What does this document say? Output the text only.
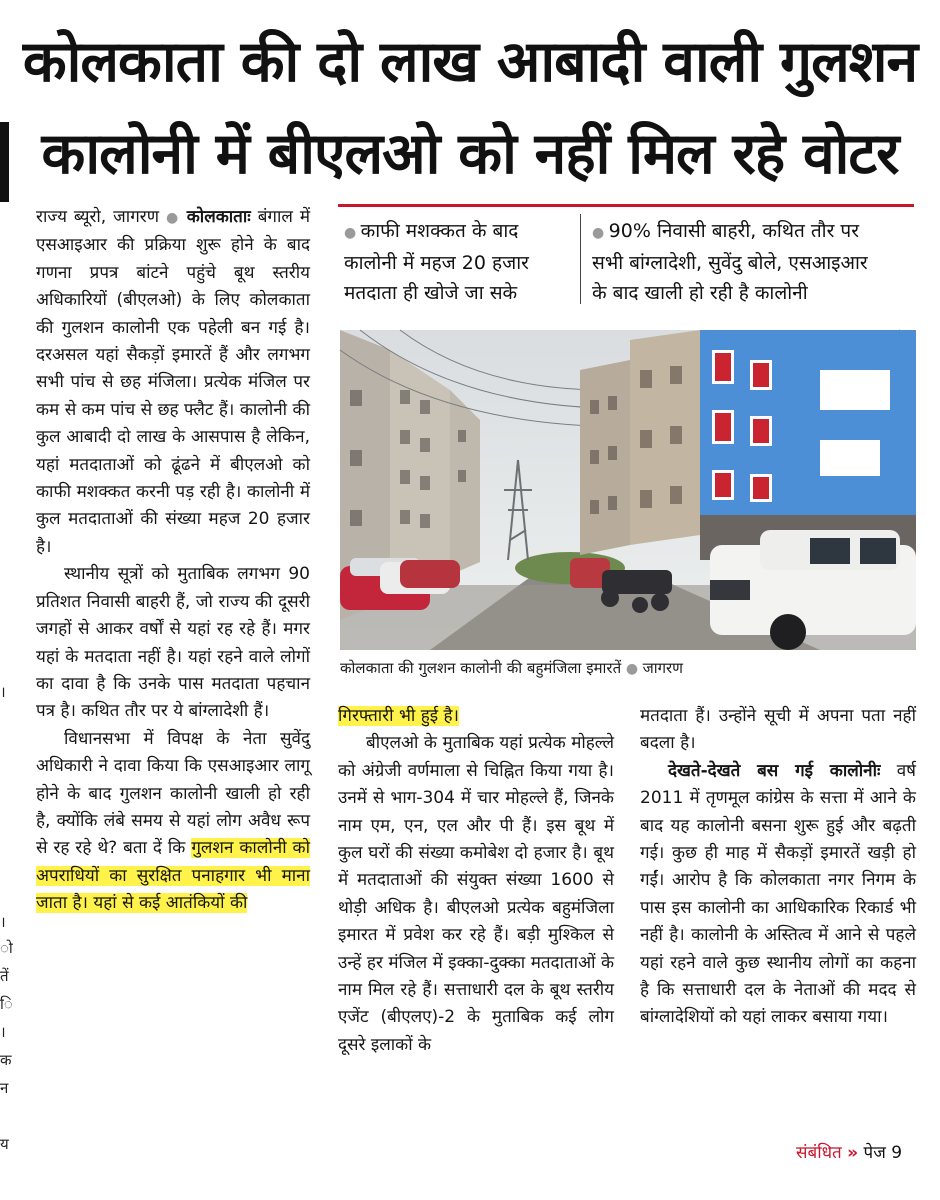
कोलकाता की दो लाख आबादी वाली गुलशन
कालोनी में बीएलओ को नहीं मिल रहे वोटर
।
।
ो
तें
ि
।
क
न
य

राज्य ब्यूरो, जागरण ● कोलकाताः बंगाल में एसआइआर की प्रक्रिया शुरू होने के बाद गणना प्रपत्र बांटने पहुंचे बूथ स्तरीय अधिकारियों (बीएलओ) के लिए कोलकाता की गुलशन कालोनी एक पहेली बन गई है। दरअसल यहां सैकड़ों इमारतें हैं और लगभग सभी पांच से छह मंजिला। प्रत्येक मंजिल पर कम से कम पांच से छह फ्लैट हैं। कालोनी की कुल आबादी दो लाख के आसपास है लेकिन, यहां मतदाताओं को ढूंढने में बीएलओ को काफी मशक्कत करनी पड़ रही है। कालोनी में कुल मतदाताओं की संख्या महज 20 हजार है।

स्थानीय सूत्रों को मुताबिक लगभग 90 प्रतिशत निवासी बाहरी हैं, जो राज्य की दूसरी जगहों से आकर वर्षों से यहां रह रहे हैं। मगर यहां के मतदाता नहीं है। यहां रहने वाले लोगों का दावा है कि उनके पास मतदाता पहचान पत्र है। कथित तौर पर ये बांग्लादेशी हैं।

विधानसभा में विपक्ष के नेता सुवेंदु अधिकारी ने दावा किया कि एसआइआर लागू होने के बाद गुलशन कालोनी खाली हो रही है, क्योंकि लंबे समय से यहां लोग अवैध रूप से रह रहे थे? बता दें कि गुलशन कालोनी को अपराधियों का सुरक्षित पनाहगार भी माना जाता है। यहां से कई आतंकियों की

● काफी मशक्कत के बाद
कालोनी में महज 20 हजार
मतदाता ही खोजे जा सके
● 90% निवासी बाहरी, कथित तौर पर
सभी बांग्लादेशी, सुवेंदु बोले, एसआइआर
के बाद खाली हो रही है कालोनी
कोलकाता की गुलशन कालोनी की बहुमंजिला इमारतें ● जागरण

गिरफ्तारी भी हुई है।

बीएलओ के मुताबिक यहां प्रत्येक मोहल्ले को अंग्रेजी वर्णमाला से चिह्नित किया गया है। उनमें से भाग-304 में चार मोहल्ले हैं, जिनके नाम एम, एन, एल और पी हैं। इस बूथ में कुल घरों की संख्या कमोबेश दो हजार है। बूथ में मतदाताओं की संयुक्त संख्या 1600 से थोड़ी अधिक है। बीएलओ प्रत्येक बहुमंजिला इमारत में प्रवेश कर रहे हैं। बड़ी मुश्किल से उन्हें हर मंजिल में इक्का-दुक्का मतदाताओं के नाम मिल रहे हैं। सत्ताधारी दल के बूथ स्तरीय एजेंट (बीएलए)-2 के मुताबिक कई लोग दूसरे इलाकों के

मतदाता हैं। उन्होंने सूची में अपना पता नहीं बदला है।

देखते-देखते बस गई कालोनीः वर्ष 2011 में तृणमूल कांग्रेस के सत्ता में आने के बाद यह कालोनी बसना शुरू हुई और बढ़ती गई। कुछ ही माह में सैकड़ों इमारतें खड़ी हो गईं। आरोप है कि कोलकाता नगर निगम के पास इस कालोनी का आधिकारिक रिकार्ड भी नहीं है। कालोनी के अस्तित्व में आने से पहले यहां रहने वाले कुछ स्थानीय लोगों का कहना है कि सत्ताधारी दल के नेताओं की मदद से बांग्लादेशियों को यहां लाकर बसाया गया।

संबंधित » पेज 9
